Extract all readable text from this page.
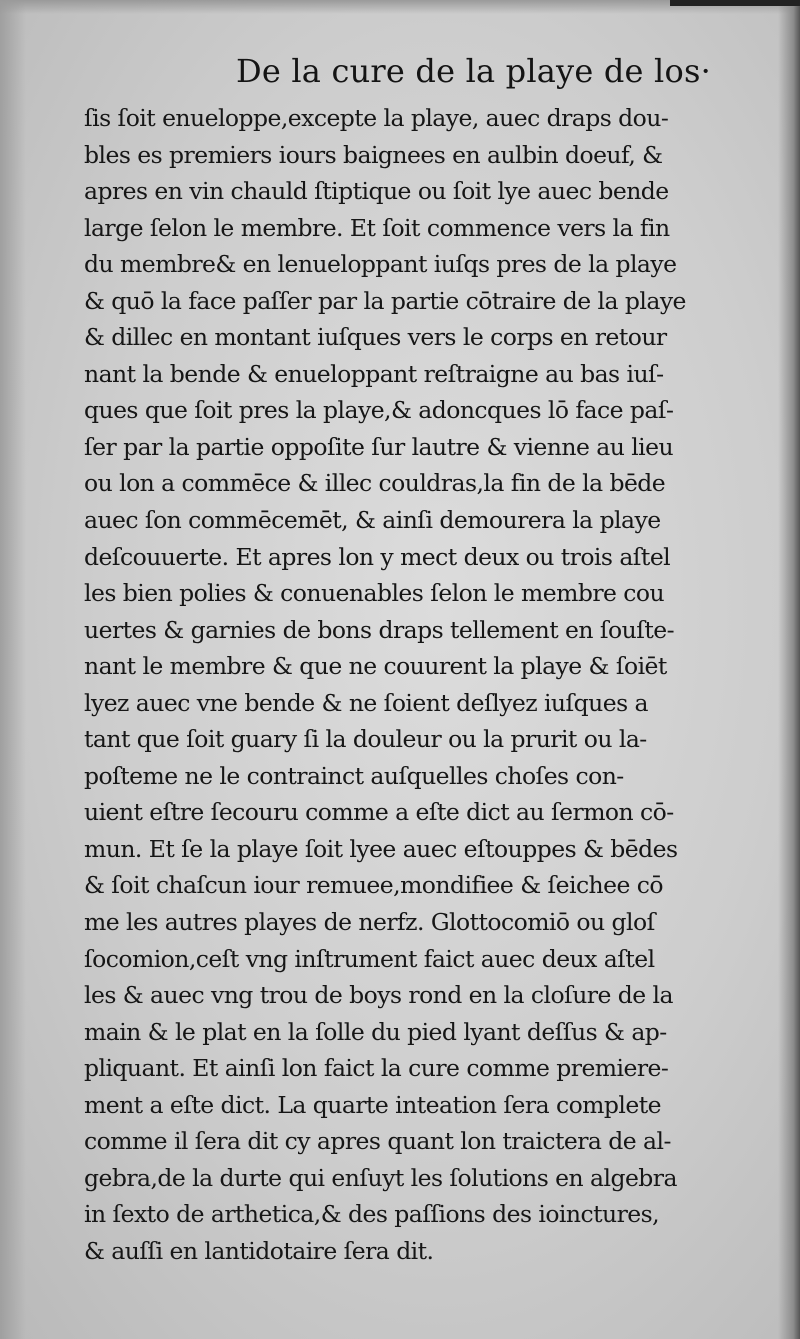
De la cure de la playe de los·
ſis ſoit enueloppe,excepte la playe, auec draps dou-
bles es premiers iours baignees en aulbin doeuf, &
apres en vin chauld ſtiptique ou ſoit lye auec bende
large ſelon le membre. Et ſoit commence vers la fin
du membre& en lenueloppant iuſqs pres de la playe
& quō la face paſſer par la partie cōtraire de la playe
& dillec en montant iuſques vers le corps en retour
nant la bende & enueloppant reſtraigne au bas iuſ-
ques que ſoit pres la playe,& adoncques lō face paſ-
ſer par la partie oppoſite ſur lautre & vienne au lieu
ou lon a commēce & illec couldras,la fin de la bēde
auec ſon commēcemēt, & ainſi demourera la playe
deſcouuerte. Et apres lon y mect deux ou trois aſtel
les bien polies & conuenables ſelon le membre cou
uertes & garnies de bons draps tellement en ſouſte-
nant le membre & que ne couurent la playe & ſoiēt
lyez auec vne bende & ne ſoient deſlyez iuſques a
tant que ſoit guary ſi la douleur ou la prurit ou la-
poſteme ne le contrainct auſquelles choſes con-
uient eſtre ſecouru comme a eſte dict au ſermon cō-
mun. Et ſe la playe ſoit lyee auec eſtouppes & bēdes
& ſoit chaſcun iour remuee,mondifiee & ſeichee cō
me les autres playes de nerfz. Glottocomiō ou gloſ
ſocomion,ceſt vng inſtrument faict auec deux aſtel
les & auec vng trou de boys rond en la cloſure de la
main & le plat en la ſolle du pied lyant deſſus & ap-
pliquant. Et ainſi lon faict la cure comme premiere-
ment a eſte dict. La quarte inteation ſera complete
comme il ſera dit cy apres quant lon traictera de al-
gebra,de la durte qui enſuyt les ſolutions en algebra
in ſexto de arthetica,& des paſſions des ioinctures,
& auſſi en lantidotaire ſera dit.
